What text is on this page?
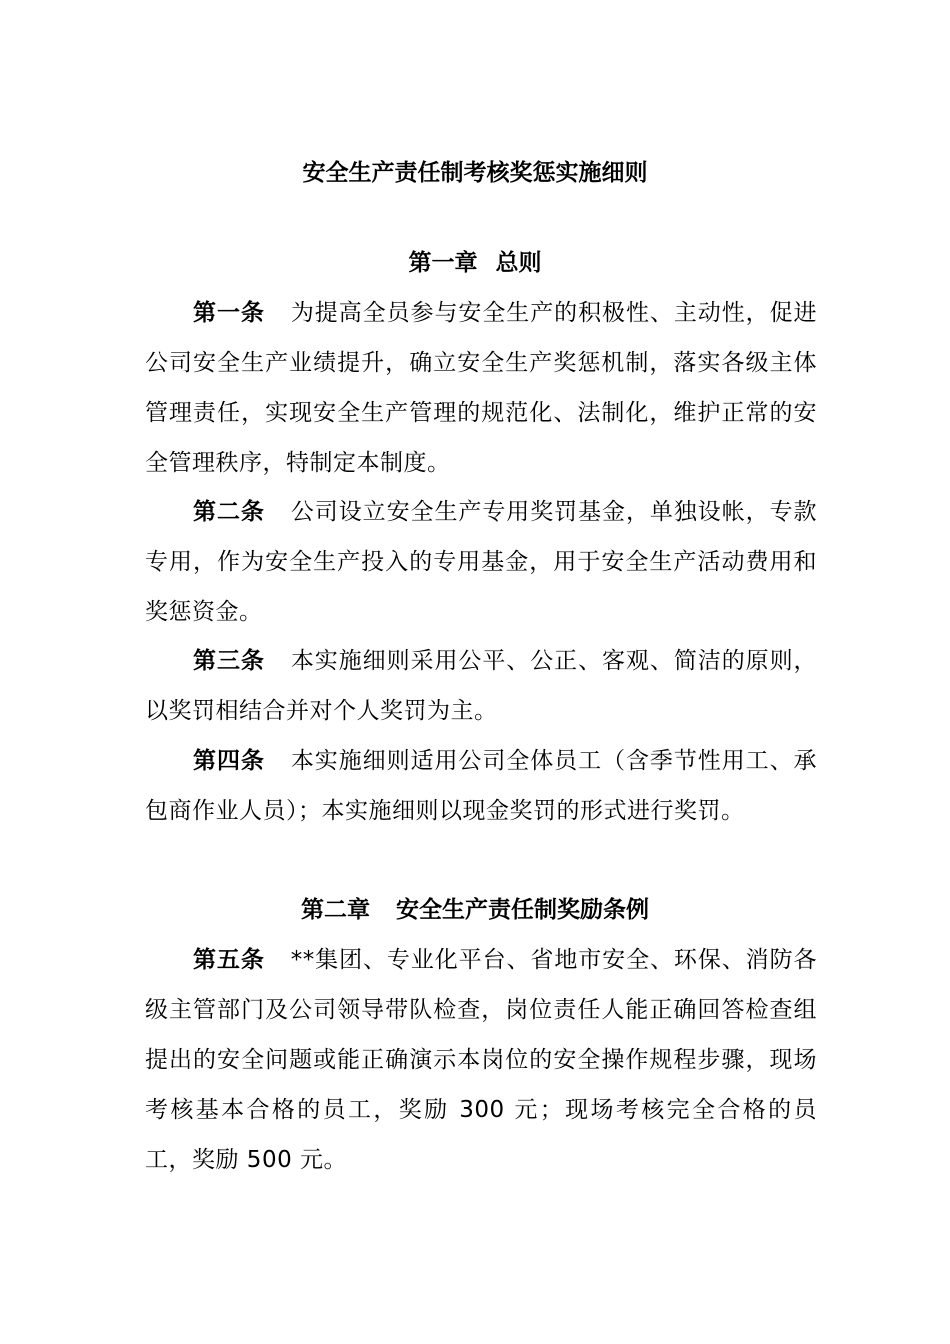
安全生产责任制考核奖惩实施细则
第一章 总则

第一条 为提高全员参与安全生产的积极性、主动性，促进公司安全生产业绩提升，确立安全生产奖惩机制，落实各级主体管理责任，实现安全生产管理的规范化、法制化，维护正常的安全管理秩序，特制定本制度。

第二条 公司设立安全生产专用奖罚基金，单独设帐，专款专用，作为安全生产投入的专用基金，用于安全生产活动费用和奖惩资金。

第三条 本实施细则采用公平、公正、客观、简洁的原则，以奖罚相结合并对个人奖罚为主。

第四条 本实施细则适用公司全体员工（含季节性用工、承包商作业人员）；本实施细则以现金奖罚的形式进行奖罚。

第二章 安全生产责任制奖励条例

第五条 **集团、专业化平台、省地市安全、环保、消防各级主管部门及公司领导带队检查，岗位责任人能正确回答检查组提出的安全问题或能正确演示本岗位的安全操作规程步骤，现场考核基本合格的员工，奖励 300 元；现场考核完全合格的员工，奖励 500 元。
